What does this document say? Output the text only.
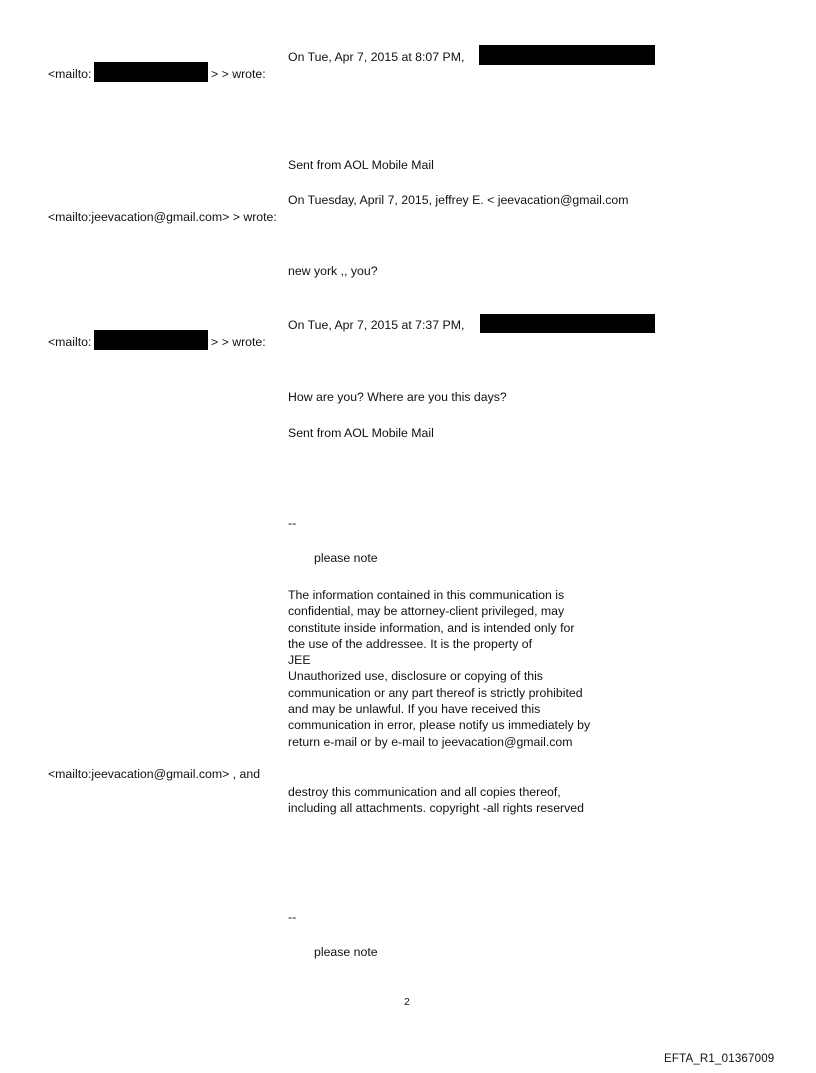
On Tue, Apr 7, 2015 at 8:07 PM,
<mailto:	> > wrote:
Sent from AOL Mobile Mail
On Tuesday, April 7, 2015, jeffrey E. < jeevacation@gmail.com
<mailto:jeevacation@gmail.com> > wrote:
new york ,, you?
On Tue, Apr 7, 2015 at 7:37 PM,
<mailto:	> > wrote:
How are you? Where are you this days?
Sent from AOL Mobile Mail
--
please note
The information contained in this communication is
confidential, may be attorney-client privileged, may
constitute inside information, and is intended only for
the use of the addressee. It is the property of
JEE
Unauthorized use, disclosure or copying of this
communication or any part thereof is strictly prohibited
and may be unlawful. If you have received this
communication in error, please notify us immediately by
return e-mail or by e-mail to jeevacation@gmail.com
<mailto:jeevacation@gmail.com> , and
destroy this communication and all copies thereof,
including all attachments. copyright -all rights reserved
--
please note
2
EFTA_R1_01367009
